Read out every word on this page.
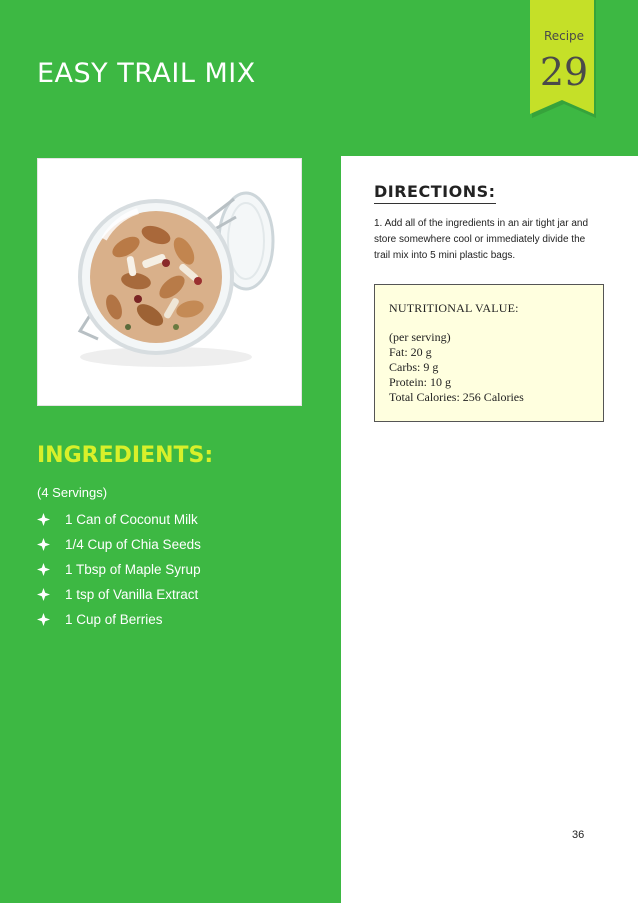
EASY TRAIL MIX
Recipe
29
INGREDIENTS:
(4 Servings)
1 Can of Coconut Milk
1/4 Cup of Chia Seeds
1 Tbsp of Maple Syrup
1 tsp of Vanilla Extract
1 Cup of Berries
DIRECTIONS:

1. Add all of the ingredients in an air tight jar and store somewhere cool or immediately divide the trail mix into 5 mini plastic bags.

NUTRITIONAL VALUE:
(per serving)
Fat: 20 g
Carbs: 9 g
Protein: 10 g
Total Calories: 256 Calories
36
